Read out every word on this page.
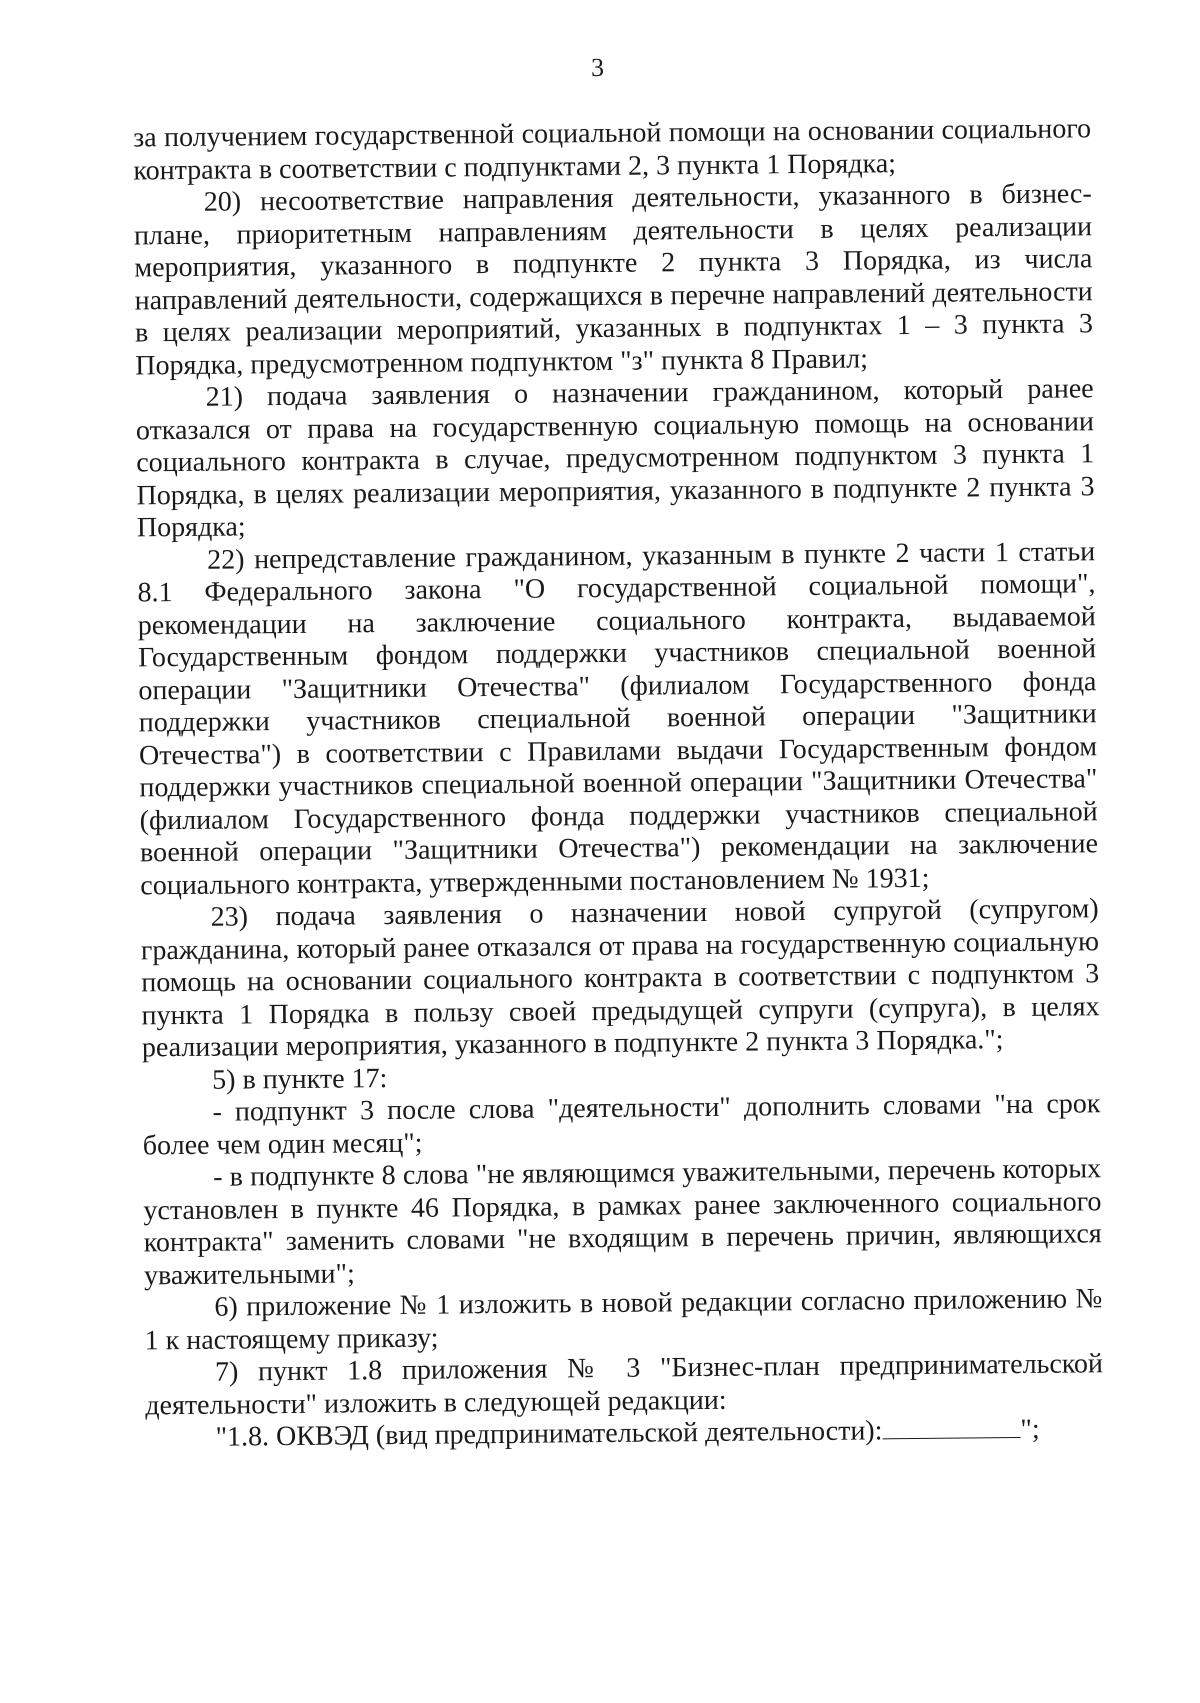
3

за получением государственной социальной помощи на основании социального контракта в соответствии с подпунктами 2, 3 пункта 1 Порядка;

20) несоответствие направления деятельности, указанного в бизнес-плане, приоритетным направлениям деятельности в целях реализации мероприятия, указанного в подпункте 2 пункта 3 Порядка, из числа направлений деятельности, содержащихся в перечне направлений деятельности в целях реализации мероприятий, указанных в подпунктах 1 – 3 пункта 3 Порядка, предусмотренном подпунктом "з" пункта 8 Правил;

21) подача заявления о назначении гражданином, который ранее отказался от права на государственную социальную помощь на основании социального контракта в случае, предусмотренном подпунктом 3 пункта 1 Порядка, в целях реализации мероприятия, указанного в подпункте 2 пункта 3 Порядка;

22) непредставление гражданином, указанным в пункте 2 части 1 статьи 8.1 Федерального закона "О государственной социальной помощи", рекомендации на заключение социального контракта, выдаваемой Государственным фондом поддержки участников специальной военной операции "Защитники Отечества" (филиалом Государственного фонда поддержки участников специальной военной операции "Защитники Отечества") в соответствии с Правилами выдачи Государственным фондом поддержки участников специальной военной операции "Защитники Отечества" (филиалом Государственного фонда поддержки участников специальной военной операции "Защитники Отечества") рекомендации на заключение социального контракта, утвержденными постановлением № 1931;

23) подача заявления о назначении новой супругой (супругом) гражданина, который ранее отказался от права на государственную социальную помощь на основании социального контракта в соответствии с подпунктом 3 пункта 1 Порядка в пользу своей предыдущей супруги (супруга), в целях реализации мероприятия, указанного в подпункте 2 пункта 3 Порядка.";

5) в пункте 17:

- подпункт 3 после слова "деятельности" дополнить словами "на срок более чем один месяц";

- в подпункте 8 слова "не являющимся уважительными, перечень которых установлен в пункте 46 Порядка, в рамках ранее заключенного социального контракта" заменить словами "не входящим в перечень причин, являющихся уважительными";

6) приложение № 1 изложить в новой редакции согласно приложению № 1 к настоящему приказу;

7) пункт 1.8 приложения № 3 "Бизнес-план предпринимательской деятельности" изложить в следующей редакции:

"1.8. ОКВЭД (вид предпринимательской деятельности):	";
